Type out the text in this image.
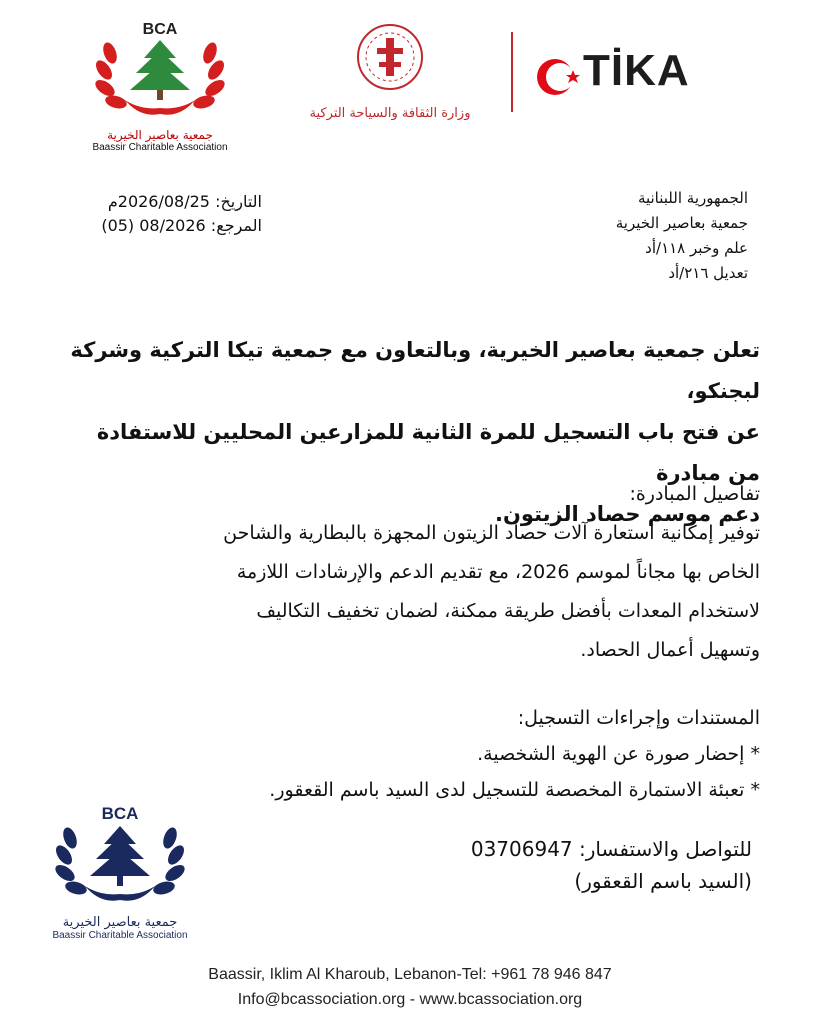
BCA
جمعية بعاصير الخيرية
Baassir Charitable Association
وزارة الثقافة والسياحة التركية
TİKA
التاريخ: 2026/08/25م
المرجع: 08/2026 (05)
الجمهورية اللبنانية
جمعية بعاصير الخيرية
علم وخبر ١١٨/أد
تعديل ٢١٦/أد
تعلن جمعية بعاصير الخيرية، وبالتعاون مع جمعية تيكا التركية وشركة لبجنكو،
عن فتح باب التسجيل للمرة الثانية للمزارعين المحليين للاستفادة من مبادرة
دعم موسم حصاد الزيتون.
تفاصيل المبادرة:
توفير إمكانية استعارة آلات حصاد الزيتون المجهزة بالبطارية والشاحن
الخاص بها مجاناً لموسم 2026، مع تقديم الدعم والإرشادات اللازمة
لاستخدام المعدات بأفضل طريقة ممكنة، لضمان تخفيف التكاليف
وتسهيل أعمال الحصاد.
المستندات وإجراءات التسجيل:
* إحضار صورة عن الهوية الشخصية.
* تعبئة الاستمارة المخصصة للتسجيل لدى السيد باسم القعقور.
للتواصل والاستفسار: 03706947
(السيد باسم القعقور)
BCA
جمعية بعاصير الخيرية
Baassir Charitable Association
Baassir, Iklim Al Kharoub, Lebanon-Tel: +961 78 946 847
Info@bcassociation.org - www.bcassociation.org
